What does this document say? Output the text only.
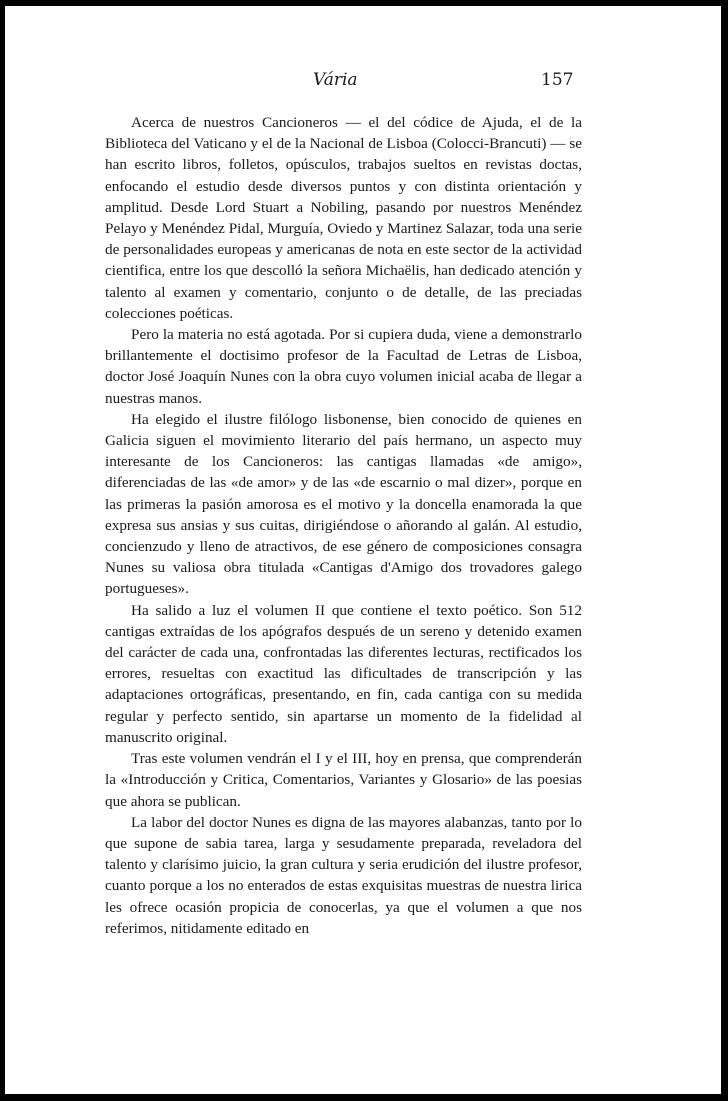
Vária	157

Acerca de nuestros Cancioneros — el del códice de Ajuda, el de la Biblioteca del Vaticano y el de la Nacional de Lisboa (Colocci-Brancuti) — se han escrito libros, folletos, opúsculos, trabajos sueltos en revistas doctas, enfocando el estudio desde diversos puntos y con distinta orientación y amplitud. Desde Lord Stuart a Nobiling, pasando por nuestros Menéndez Pelayo y Menéndez Pidal, Murguía, Oviedo y Martinez Salazar, toda una serie de personalidades europeas y americanas de nota en este sector de la actividad cientifica, entre los que descolló la señora Michaëlis, han dedicado atención y talento al examen y comentario, conjunto o de detalle, de las preciadas colecciones poéticas.

Pero la materia no está agotada. Por si cupiera duda, viene a demonstrarlo brillantemente el doctisimo profesor de la Facultad de Letras de Lisboa, doctor José Joaquín Nunes con la obra cuyo volumen inicial acaba de llegar a nuestras manos.

Ha elegido el ilustre filólogo lisbonense, bien conocido de quienes en Galicia siguen el movimiento literario del país hermano, un aspecto muy interesante de los Cancioneros: las cantigas llamadas «de amigo», diferenciadas de las «de amor» y de las «de escarnio o mal dizer», porque en las primeras la pasión amorosa es el motivo y la doncella enamorada la que expresa sus ansias y sus cuitas, dirigiéndose o añorando al galán. Al estudio, concienzudo y lleno de atractivos, de ese género de composiciones consagra Nunes su valiosa obra titulada «Cantigas d'Amigo dos trovadores galego portugueses».

Ha salido a luz el volumen II que contiene el texto poético. Son 512 cantigas extraídas de los apógrafos después de un sereno y detenido examen del carácter de cada una, confrontadas las diferentes lecturas, rectificados los errores, resueltas con exactitud las dificultades de transcripción y las adaptaciones ortográficas, presentando, en fin, cada cantiga con su medida regular y perfecto sentido, sin apartarse un momento de la fidelidad al manuscrito original.

Tras este volumen vendrán el I y el III, hoy en prensa, que comprenderán la «Introducción y Critica, Comentarios, Variantes y Glosario» de las poesias que ahora se publican.

La labor del doctor Nunes es digna de las mayores alabanzas, tanto por lo que supone de sabia tarea, larga y sesudamente preparada, reveladora del talento y clarísimo juicio, la gran cultura y seria erudición del ilustre profesor, cuanto porque a los no enterados de estas exquisitas muestras de nuestra lirica les ofrece ocasión propicia de conocerlas, ya que el volumen a que nos referimos, nitidamente editado en
